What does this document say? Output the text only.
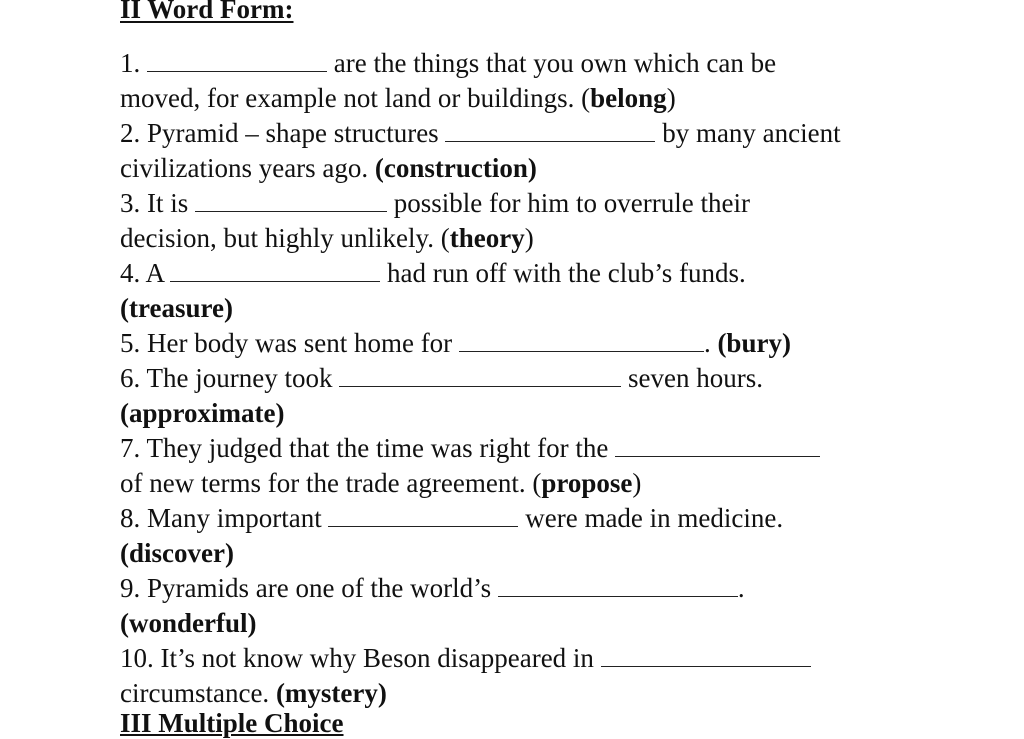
II Word Form:

1.	are the things that you own which can be

moved, for example not land or buildings. (belong)

2. Pyramid – shape structures	by many ancient

civilizations years ago. (construction)

3. It is	possible for him to overrule their

decision, but highly unlikely. (theory)

4. A	had run off with the club’s funds.

(treasure)

5. Her body was sent home for	. (bury)

6. The journey took	seven hours.

(approximate)

7. They judged that the time was right for the

of new terms for the trade agreement. (propose)

8. Many important	were made in medicine.

(discover)

9. Pyramids are one of the world’s	.

(wonderful)

10. It’s not know why Beson disappeared in

circumstance. (mystery)

III Multiple Choice
